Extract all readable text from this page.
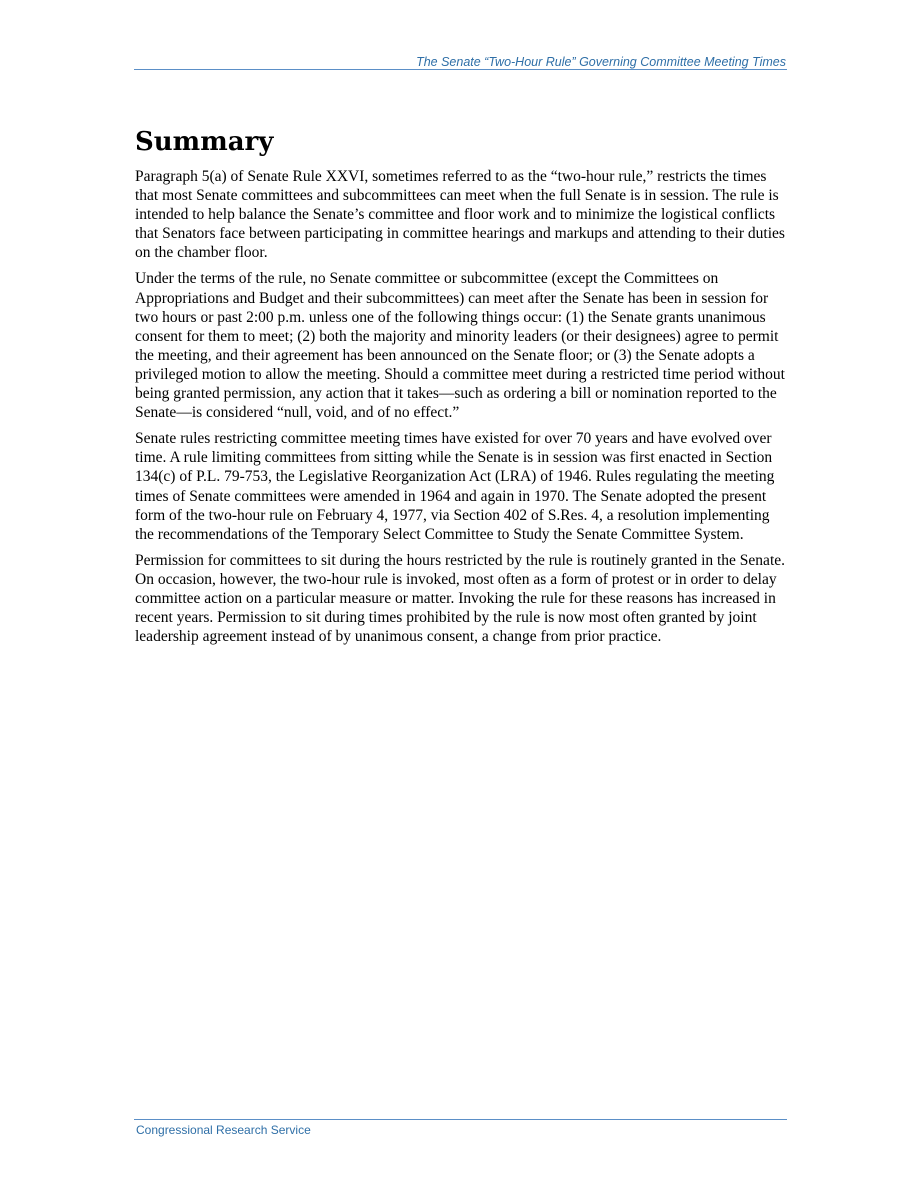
The Senate “Two-Hour Rule” Governing Committee Meeting Times
Summary

Paragraph 5(a) of Senate Rule XXVI, sometimes referred to as the “two-hour rule,” restricts the times that most Senate committees and subcommittees can meet when the full Senate is in session. The rule is intended to help balance the Senate’s committee and floor work and to minimize the logistical conflicts that Senators face between participating in committee hearings and markups and attending to their duties on the chamber floor.

Under the terms of the rule, no Senate committee or subcommittee (except the Committees on Appropriations and Budget and their subcommittees) can meet after the Senate has been in session for two hours or past 2:00 p.m. unless one of the following things occur: (1) the Senate grants unanimous consent for them to meet; (2) both the majority and minority leaders (or their designees) agree to permit the meeting, and their agreement has been announced on the Senate floor; or (3) the Senate adopts a privileged motion to allow the meeting. Should a committee meet during a restricted time period without being granted permission, any action that it takes—such as ordering a bill or nomination reported to the Senate—is considered “null, void, and of no effect.”

Senate rules restricting committee meeting times have existed for over 70 years and have evolved over time. A rule limiting committees from sitting while the Senate is in session was first enacted in Section 134(c) of P.L. 79-753, the Legislative Reorganization Act (LRA) of 1946. Rules regulating the meeting times of Senate committees were amended in 1964 and again in 1970. The Senate adopted the present form of the two-hour rule on February 4, 1977, via Section 402 of S.Res. 4, a resolution implementing the recommendations of the Temporary Select Committee to Study the Senate Committee System.

Permission for committees to sit during the hours restricted by the rule is routinely granted in the Senate. On occasion, however, the two-hour rule is invoked, most often as a form of protest or in order to delay committee action on a particular measure or matter. Invoking the rule for these reasons has increased in recent years. Permission to sit during times prohibited by the rule is now most often granted by joint leadership agreement instead of by unanimous consent, a change from prior practice.

Congressional Research Service
